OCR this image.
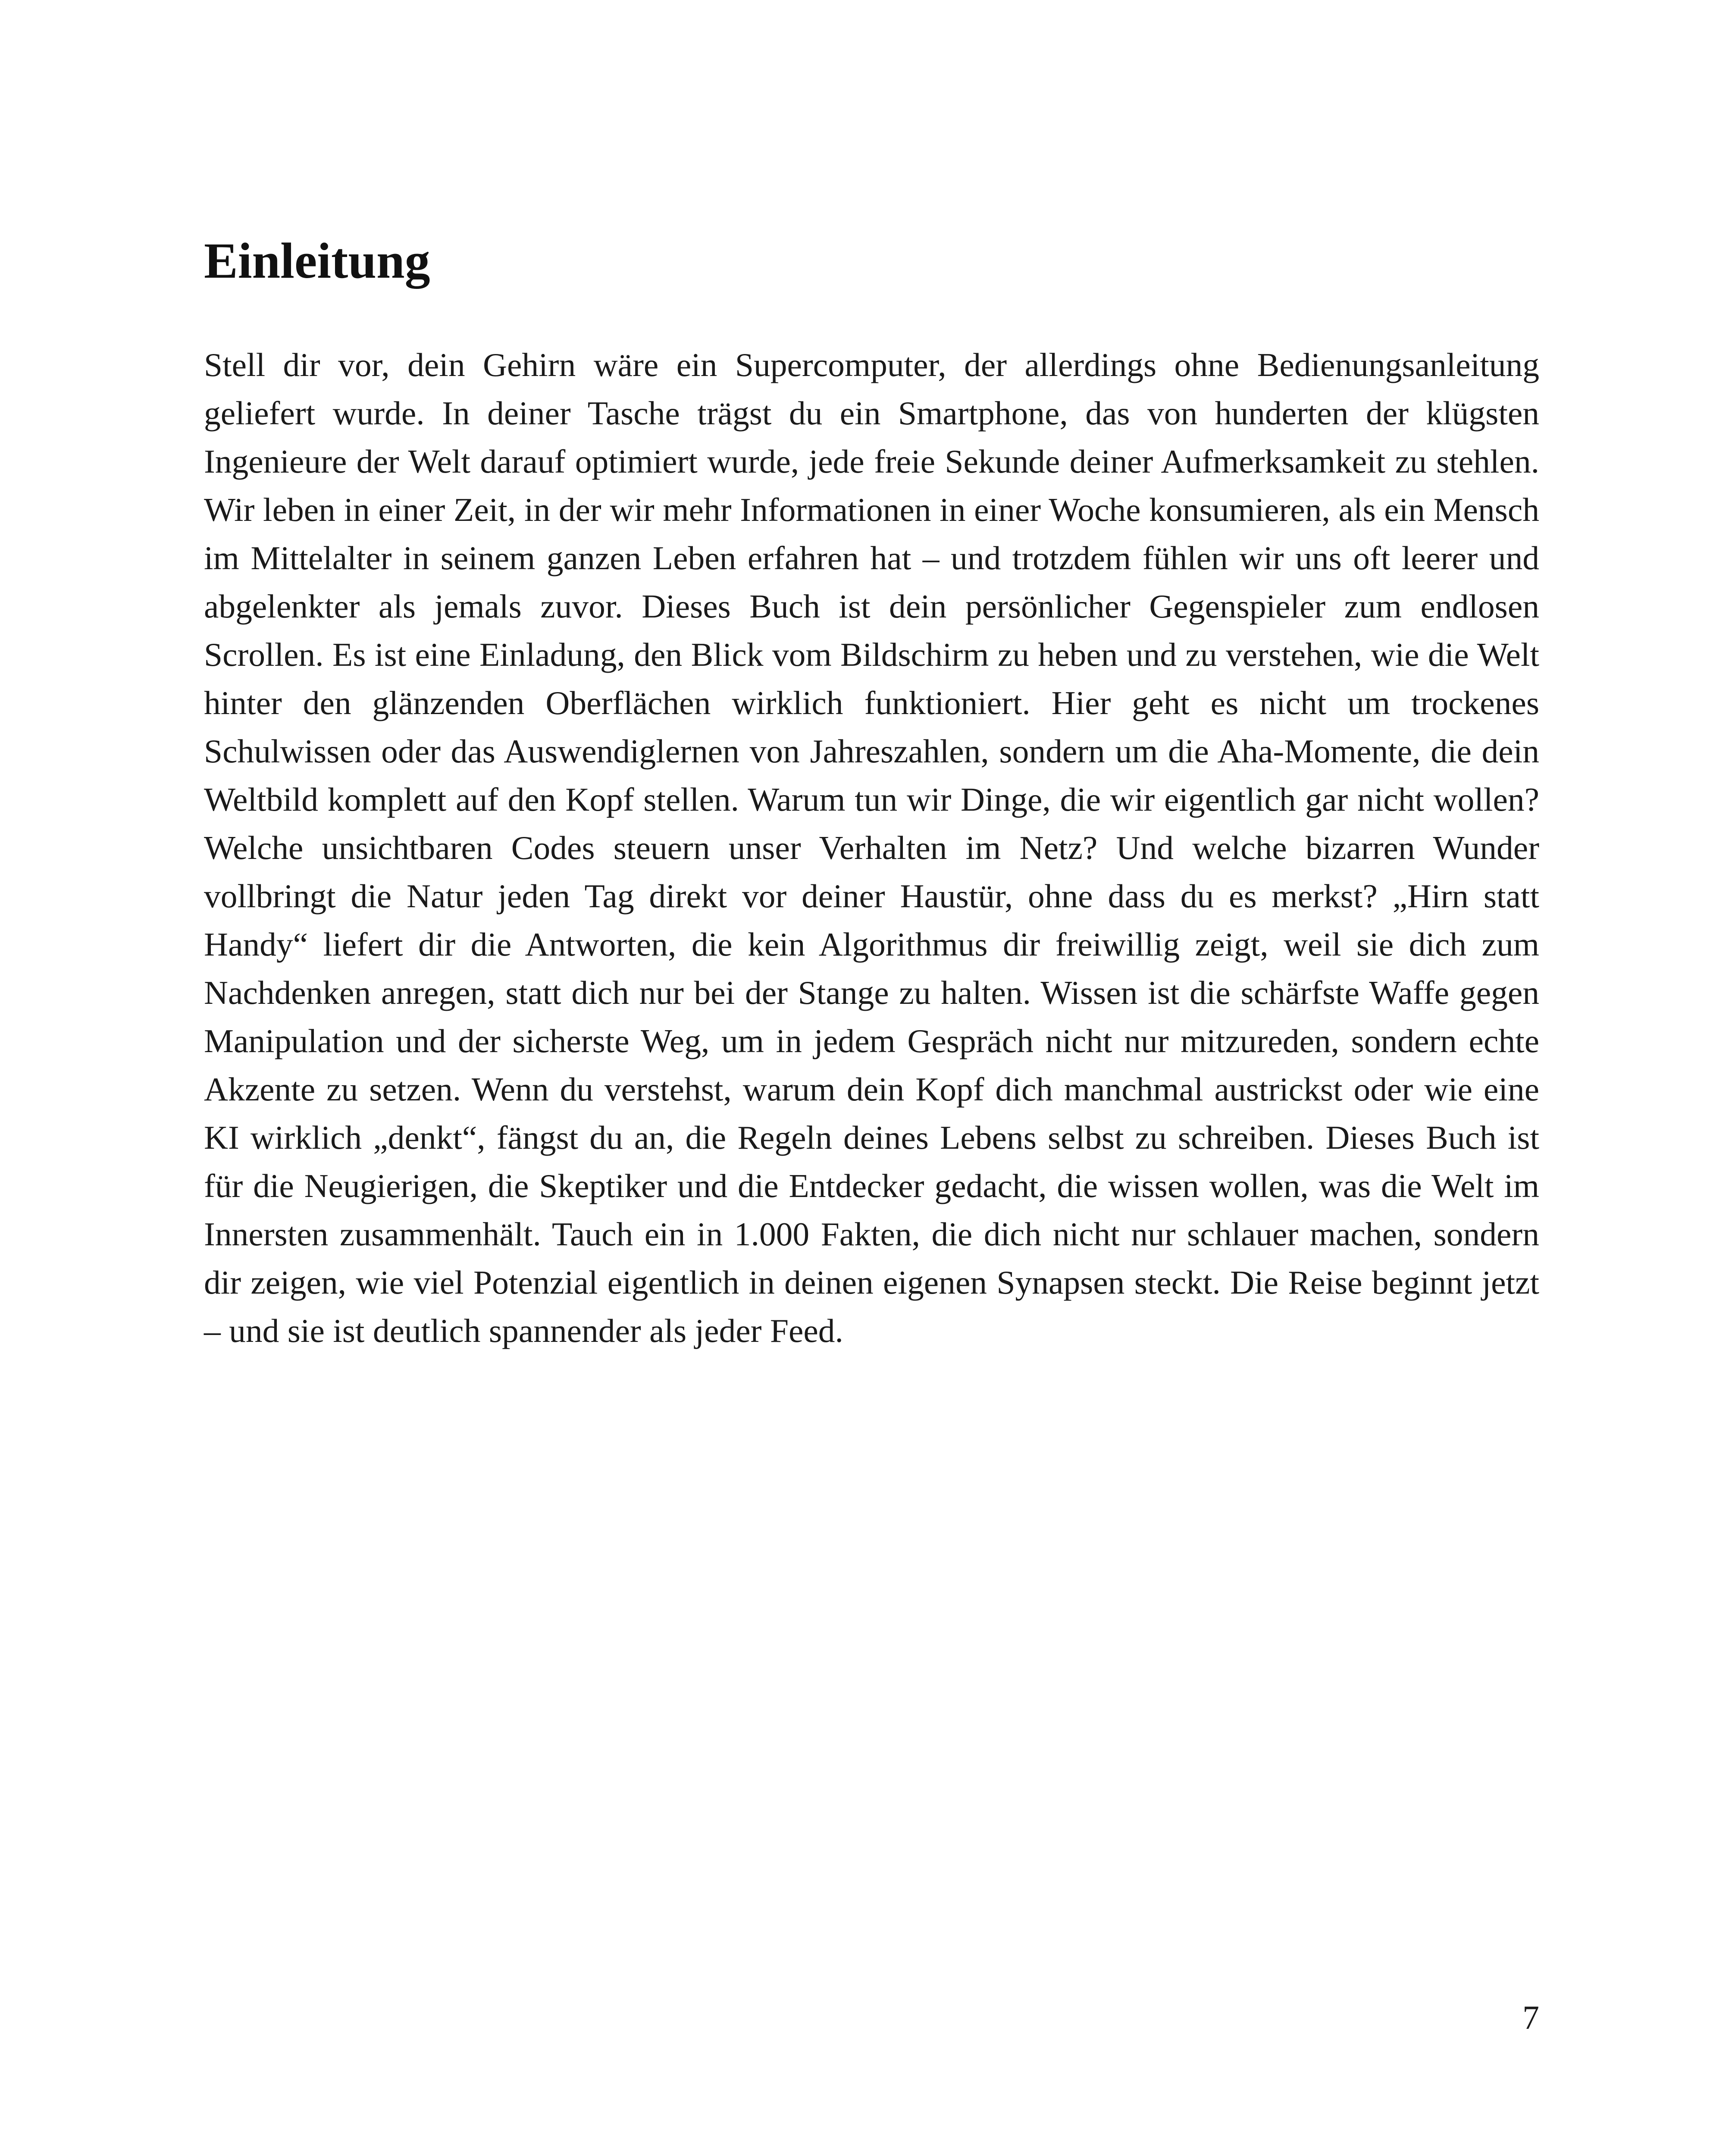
Einleitung

Stell dir vor, dein Gehirn wäre ein Supercomputer, der allerdings ohne Bedienungsanleitung geliefert wurde. In deiner Tasche trägst du ein Smartphone, das von hunderten der klügsten Ingenieure der Welt darauf optimiert wurde, jede freie Sekunde deiner Aufmerksamkeit zu stehlen. Wir leben in einer Zeit, in der wir mehr Informationen in einer Woche konsumieren, als ein Mensch im Mittelalter in seinem ganzen Leben erfahren hat – und trotzdem fühlen wir uns oft leerer und abgelenkter als jemals zuvor. Dieses Buch ist dein persönlicher Gegenspieler zum endlosen Scrollen. Es ist eine Einladung, den Blick vom Bildschirm zu heben und zu verstehen, wie die Welt hinter den glänzenden Oberflächen wirklich funktioniert. Hier geht es nicht um trockenes Schulwissen oder das Auswendiglernen von Jahreszahlen, sondern um die Aha-Momente, die dein Weltbild komplett auf den Kopf stellen. Warum tun wir Dinge, die wir eigentlich gar nicht wollen? Welche unsichtbaren Codes steuern unser Verhalten im Netz? Und welche bizarren Wunder vollbringt die Natur jeden Tag direkt vor deiner Haustür, ohne dass du es merkst? „Hirn statt Handy“ liefert dir die Antworten, die kein Algorithmus dir freiwillig zeigt, weil sie dich zum Nachdenken anregen, statt dich nur bei der Stange zu halten. Wissen ist die schärfste Waffe gegen Manipulation und der sicherste Weg, um in jedem Gespräch nicht nur mitzureden, sondern echte Akzente zu setzen. Wenn du verstehst, warum dein Kopf dich manchmal austrickst oder wie eine KI wirklich „denkt“, fängst du an, die Regeln deines Lebens selbst zu schreiben. Dieses Buch ist für die Neugierigen, die Skeptiker und die Entdecker gedacht, die wissen wollen, was die Welt im Innersten zusammenhält. Tauch ein in 1.000 Fakten, die dich nicht nur schlauer machen, sondern dir zeigen, wie viel Potenzial eigentlich in deinen eigenen Synapsen steckt. Die Reise beginnt jetzt – und sie ist deutlich spannender als jeder Feed.

7
